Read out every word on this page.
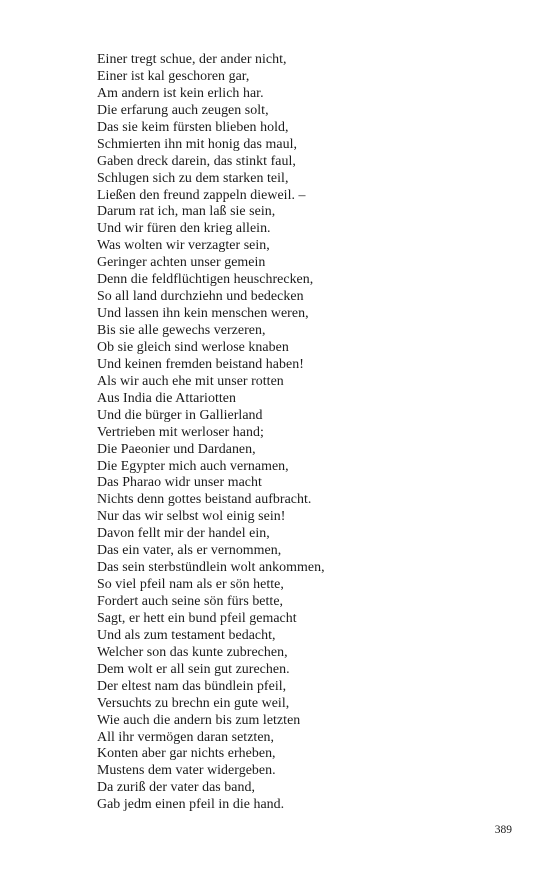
Einer tregt schue, der ander nicht,
Einer ist kal geschoren gar,
Am andern ist kein erlich har.
Die erfarung auch zeugen solt,
Das sie keim fürsten blieben hold,
Schmierten ihn mit honig das maul,
Gaben dreck darein, das stinkt faul,
Schlugen sich zu dem starken teil,
Ließen den freund zappeln dieweil. –
Darum rat ich, man laß sie sein,
Und wir füren den krieg allein.
Was wolten wir verzagter sein,
Geringer achten unser gemein
Denn die feldflüchtigen heuschrecken,
So all land durchziehn und bedecken
Und lassen ihn kein menschen weren,
Bis sie alle gewechs verzeren,
Ob sie gleich sind werlose knaben
Und keinen fremden beistand haben!
Als wir auch ehe mit unser rotten
Aus India die Attariotten
Und die bürger in Gallierland
Vertrieben mit werloser hand;
Die Paeonier und Dardanen,
Die Egypter mich auch vernamen,
Das Pharao widr unser macht
Nichts denn gottes beistand aufbracht.
Nur das wir selbst wol einig sein!
Davon fellt mir der handel ein,
Das ein vater, als er vernommen,
Das sein sterbstündlein wolt ankommen,
So viel pfeil nam als er sön hette,
Fordert auch seine sön fürs bette,
Sagt, er hett ein bund pfeil gemacht
Und als zum testament bedacht,
Welcher son das kunte zubrechen,
Dem wolt er all sein gut zurechen.
Der eltest nam das bündlein pfeil,
Versuchts zu brechn ein gute weil,
Wie auch die andern bis zum letzten
All ihr vermögen daran setzten,
Konten aber gar nichts erheben,
Mustens dem vater widergeben.
Da zuriß der vater das band,
Gab jedm einen pfeil in die hand.
389
